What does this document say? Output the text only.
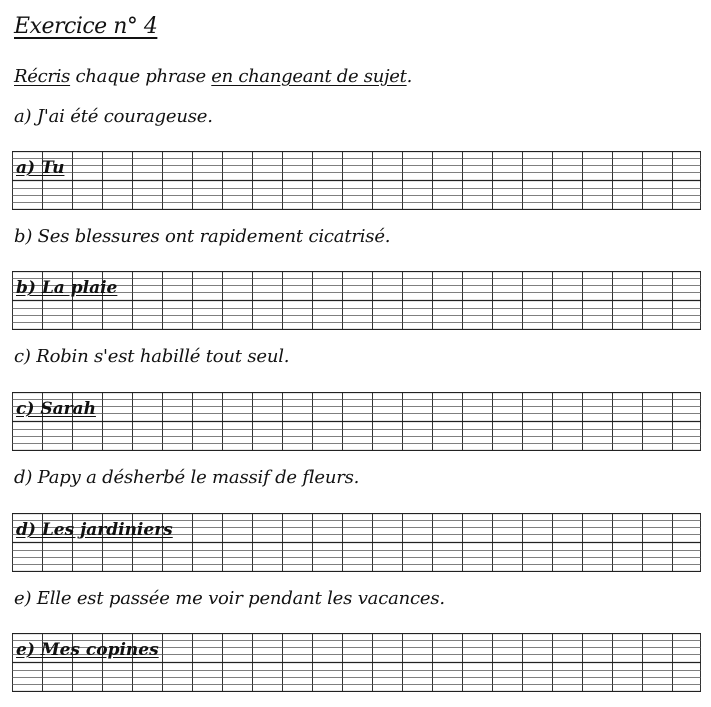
Exercice n° 4
Récris chaque phrase en changeant de sujet.
a) J'ai été courageuse.
a) Tu
b) Ses blessures ont rapidement cicatrisé.
b) La plaie
c) Robin s'est habillé tout seul.
c) Sarah
d) Papy a désherbé le massif de fleurs.
d) Les jardiniers
e) Elle est passée me voir pendant les vacances.
e) Mes copines
